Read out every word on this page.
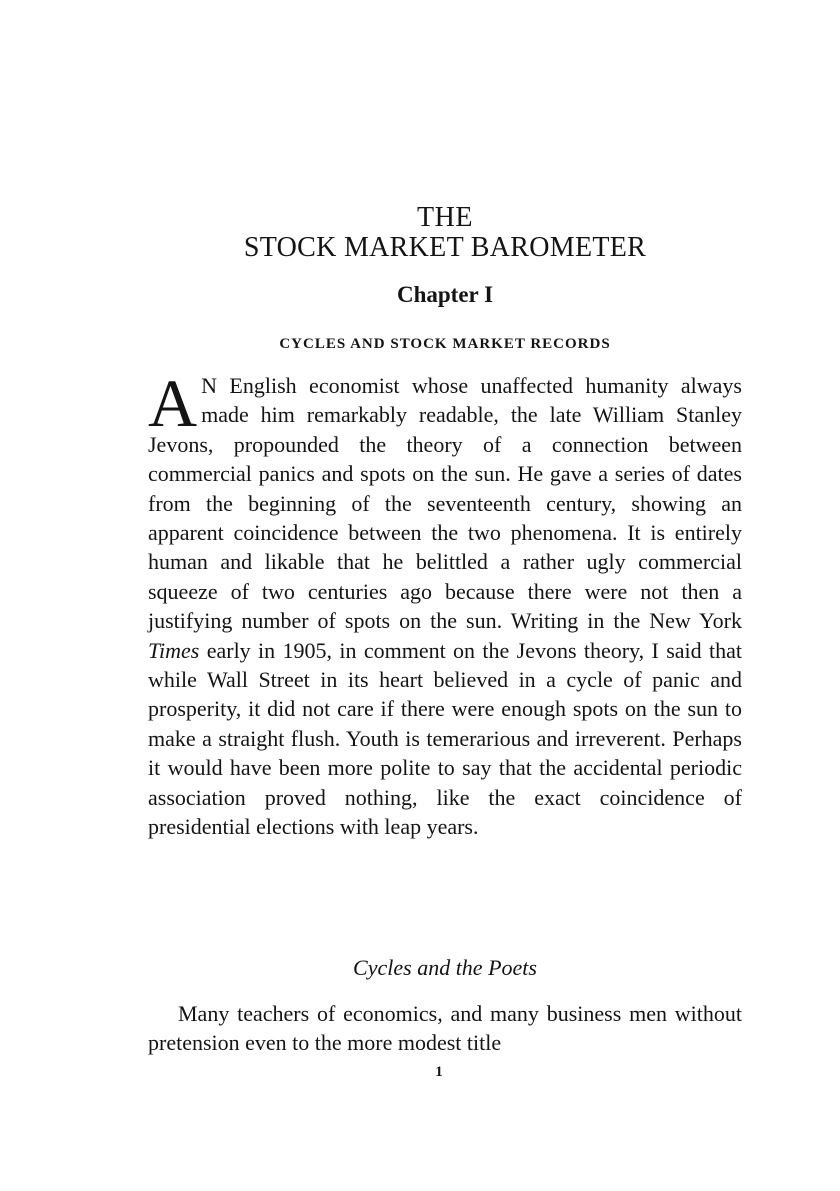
THE
STOCK MARKET BAROMETER
Chapter I
CYCLES AND STOCK MARKET RECORDS

A N English economist whose unaffected humanity always made him remarkably readable, the late William Stanley Jevons, propounded the theory of a connection between commercial panics and spots on the sun. He gave a series of dates from the beginning of the seventeenth century, showing an apparent coincidence between the two phenomena. It is entirely human and likable that he belittled a rather ugly commercial squeeze of two centuries ago because there were not then a justifying number of spots on the sun. Writing in the New York Times early in 1905, in comment on the Jevons theory, I said that while Wall Street in its heart believed in a cycle of panic and prosperity, it did not care if there were enough spots on the sun to make a straight flush. Youth is temerarious and irreverent. Perhaps it would have been more polite to say that the accidental periodic association proved nothing, like the exact coincidence of presidential elections with leap years.

Cycles and the Poets

Many teachers of economics, and many business men without pretension even to the more modest title

1
